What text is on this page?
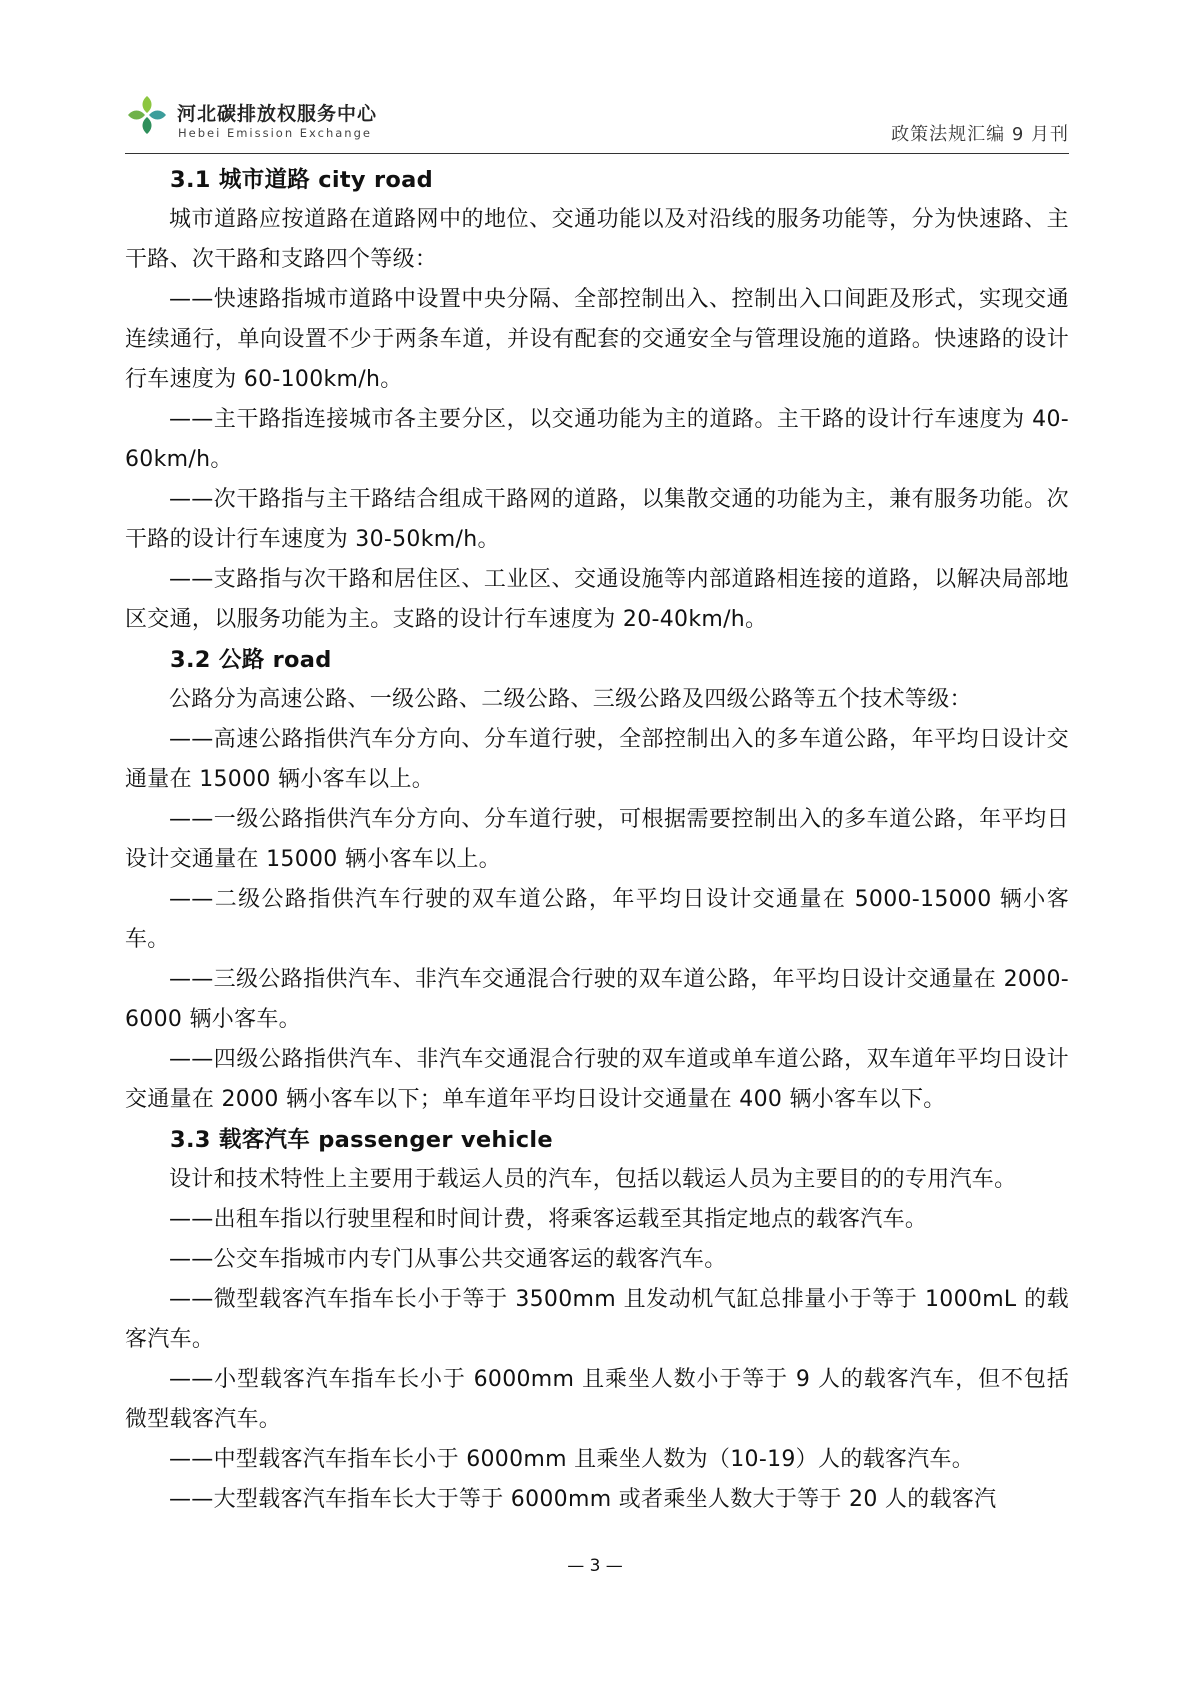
河北碳排放权服务中心
Hebei Emission Exchange	政策法规汇编 9 月刊

3.1 城市道路 city road

城市道路应按道路在道路网中的地位、交通功能以及对沿线的服务功能等，分为快速路、主干路、次干路和支路四个等级：

——快速路指城市道路中设置中央分隔、全部控制出入、控制出入口间距及形式，实现交通连续通行，单向设置不少于两条车道，并设有配套的交通安全与管理设施的道路。快速路的设计行车速度为 60-100km/h。

——主干路指连接城市各主要分区，以交通功能为主的道路。主干路的设计行车速度为 40-60km/h。

——次干路指与主干路结合组成干路网的道路，以集散交通的功能为主，兼有服务功能。次干路的设计行车速度为 30-50km/h。

——支路指与次干路和居住区、工业区、交通设施等内部道路相连接的道路，以解决局部地区交通，以服务功能为主。支路的设计行车速度为 20-40km/h。

3.2 公路 road

公路分为高速公路、一级公路、二级公路、三级公路及四级公路等五个技术等级：

——高速公路指供汽车分方向、分车道行驶，全部控制出入的多车道公路，年平均日设计交通量在 15000 辆小客车以上。

——一级公路指供汽车分方向、分车道行驶，可根据需要控制出入的多车道公路，年平均日设计交通量在 15000 辆小客车以上。

——二级公路指供汽车行驶的双车道公路，年平均日设计交通量在 5000-15000 辆小客车。

——三级公路指供汽车、非汽车交通混合行驶的双车道公路，年平均日设计交通量在 2000-6000 辆小客车。

——四级公路指供汽车、非汽车交通混合行驶的双车道或单车道公路，双车道年平均日设计交通量在 2000 辆小客车以下；单车道年平均日设计交通量在 400 辆小客车以下。

3.3 载客汽车 passenger vehicle

设计和技术特性上主要用于载运人员的汽车，包括以载运人员为主要目的的专用汽车。

——出租车指以行驶里程和时间计费，将乘客运载至其指定地点的载客汽车。

——公交车指城市内专门从事公共交通客运的载客汽车。

——微型载客汽车指车长小于等于 3500mm 且发动机气缸总排量小于等于 1000mL 的载客汽车。

——小型载客汽车指车长小于 6000mm 且乘坐人数小于等于 9 人的载客汽车，但不包括微型载客汽车。

——中型载客汽车指车长小于 6000mm 且乘坐人数为（10-19）人的载客汽车。

——大型载客汽车指车长大于等于 6000mm 或者乘坐人数大于等于 20 人的载客汽

— 3 —
